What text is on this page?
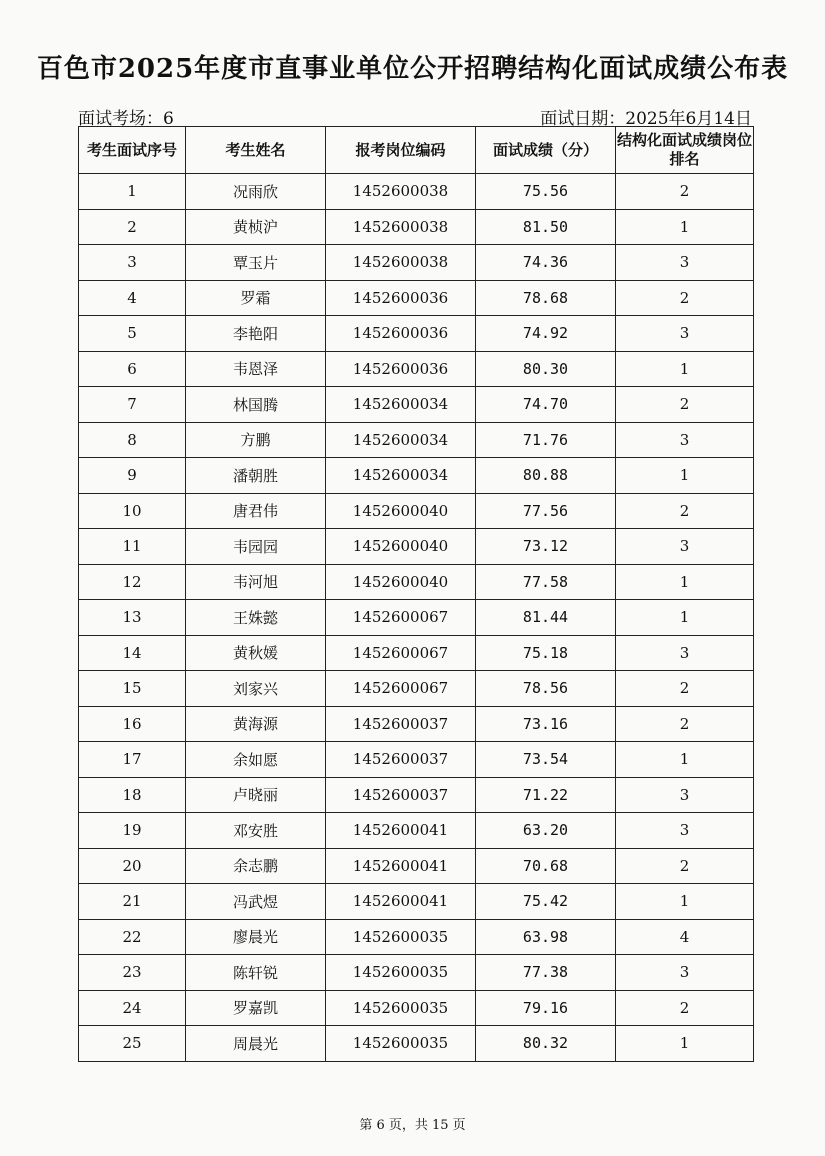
百色市2025年度市直事业单位公开招聘结构化面试成绩公布表
面试考场：6	面试日期：2025年6月14日
考生面试序号	考生姓名	报考岗位编码	面试成绩（分）	结构化面试成绩岗位排名
1	况雨欣	1452600038	75.56	2
2	黄桢沪	1452600038	81.50	1
3	覃玉片	1452600038	74.36	3
4	罗霜	1452600036	78.68	2
5	李艳阳	1452600036	74.92	3
6	韦恩泽	1452600036	80.30	1
7	林国腾	1452600034	74.70	2
8	方鹏	1452600034	71.76	3
9	潘朝胜	1452600034	80.88	1
10	唐君伟	1452600040	77.56	2
11	韦园园	1452600040	73.12	3
12	韦河旭	1452600040	77.58	1
13	王姝懿	1452600067	81.44	1
14	黄秋媛	1452600067	75.18	3
15	刘家兴	1452600067	78.56	2
16	黄海源	1452600037	73.16	2
17	余如愿	1452600037	73.54	1
18	卢晓丽	1452600037	71.22	3
19	邓安胜	1452600041	63.20	3
20	余志鹏	1452600041	70.68	2
21	冯武煜	1452600041	75.42	1
22	廖晨光	1452600035	63.98	4
23	陈轩锐	1452600035	77.38	3
24	罗嘉凯	1452600035	79.16	2
25	周晨光	1452600035	80.32	1
第 6 页，共 15 页
